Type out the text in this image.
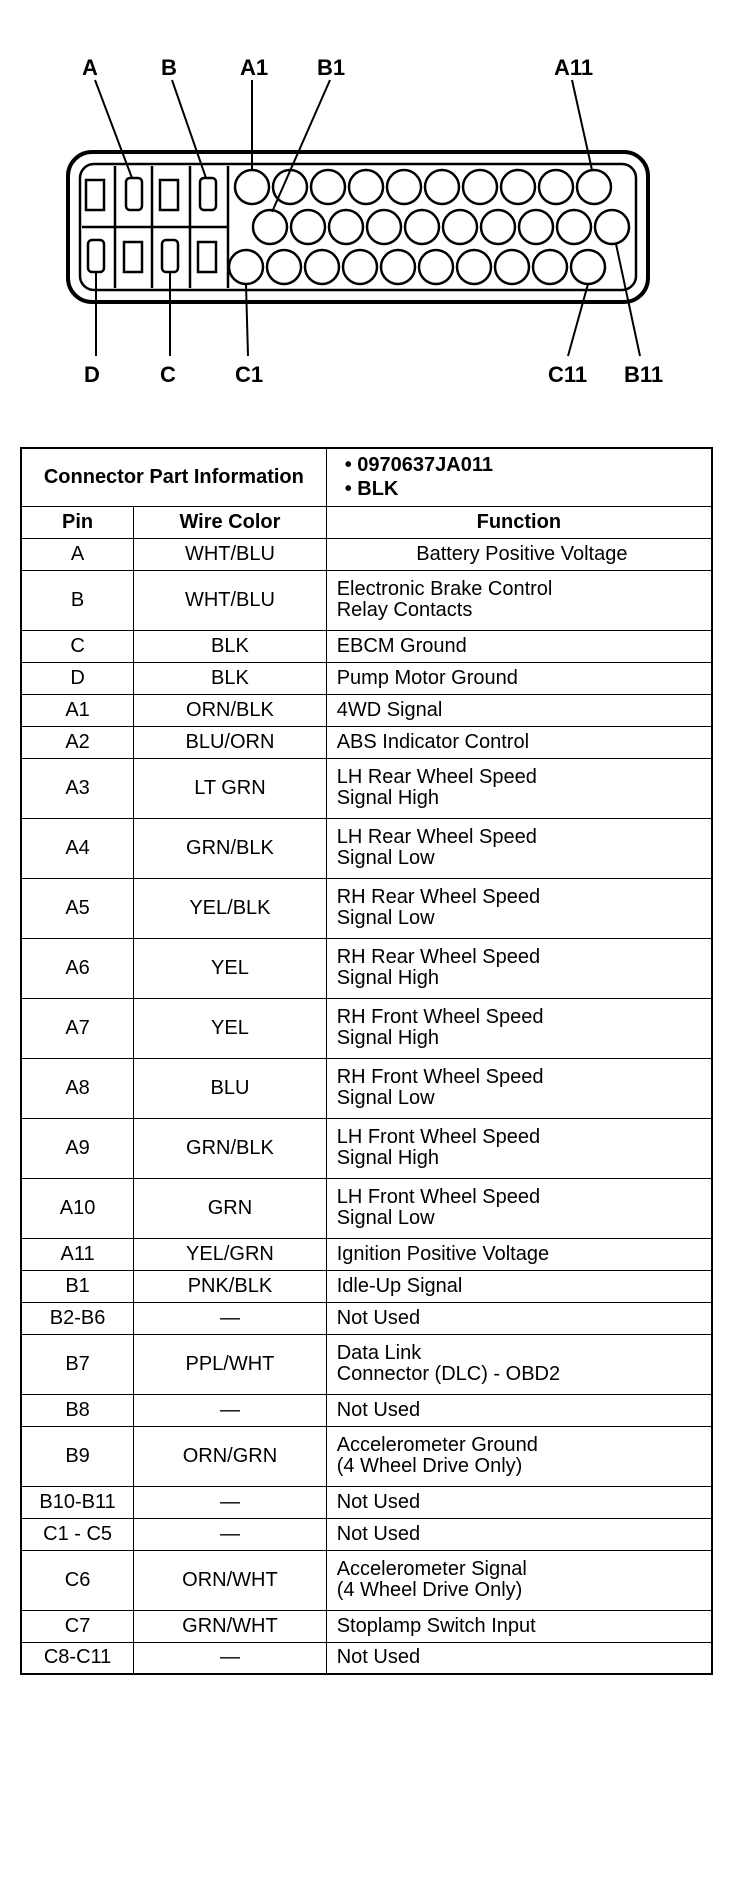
A	B	A1 B1	A11
D	C	C1	C11 B11
Connector Part Information		• 0970637JA011
• BLK

Pin	Wire Color	Function
A	WHT/BLU	Battery Positive Voltage
B	WHT/BLU	Electronic Brake Control
Relay Contacts
C	BLK	EBCM Ground
D	BLK	Pump Motor Ground
A1	ORN/BLK	4WD Signal
A2	BLU/ORN	ABS Indicator Control
A3	LT GRN	LH Rear Wheel Speed
Signal High
A4	GRN/BLK	LH Rear Wheel Speed
Signal Low
A5	YEL/BLK	RH Rear Wheel Speed
Signal Low
A6	YEL	RH Rear Wheel Speed
Signal High
A7	YEL	RH Front Wheel Speed
Signal High
A8	BLU	RH Front Wheel Speed
Signal Low
A9	GRN/BLK	LH Front Wheel Speed
Signal High
A10	GRN	LH Front Wheel Speed
Signal Low
A11	YEL/GRN	Ignition Positive Voltage
B1	PNK/BLK	Idle-Up Signal
B2-B6	—	Not Used
B7	PPL/WHT	Data Link
Connector (DLC) - OBD2
B8	—	Not Used
B9	ORN/GRN	Accelerometer Ground
(4 Wheel Drive Only)
B10-B11	—	Not Used
C1 - C5	—	Not Used
C6	ORN/WHT	Accelerometer Signal
(4 Wheel Drive Only)
C7	GRN/WHT	Stoplamp Switch Input
C8-C11	—	Not Used
